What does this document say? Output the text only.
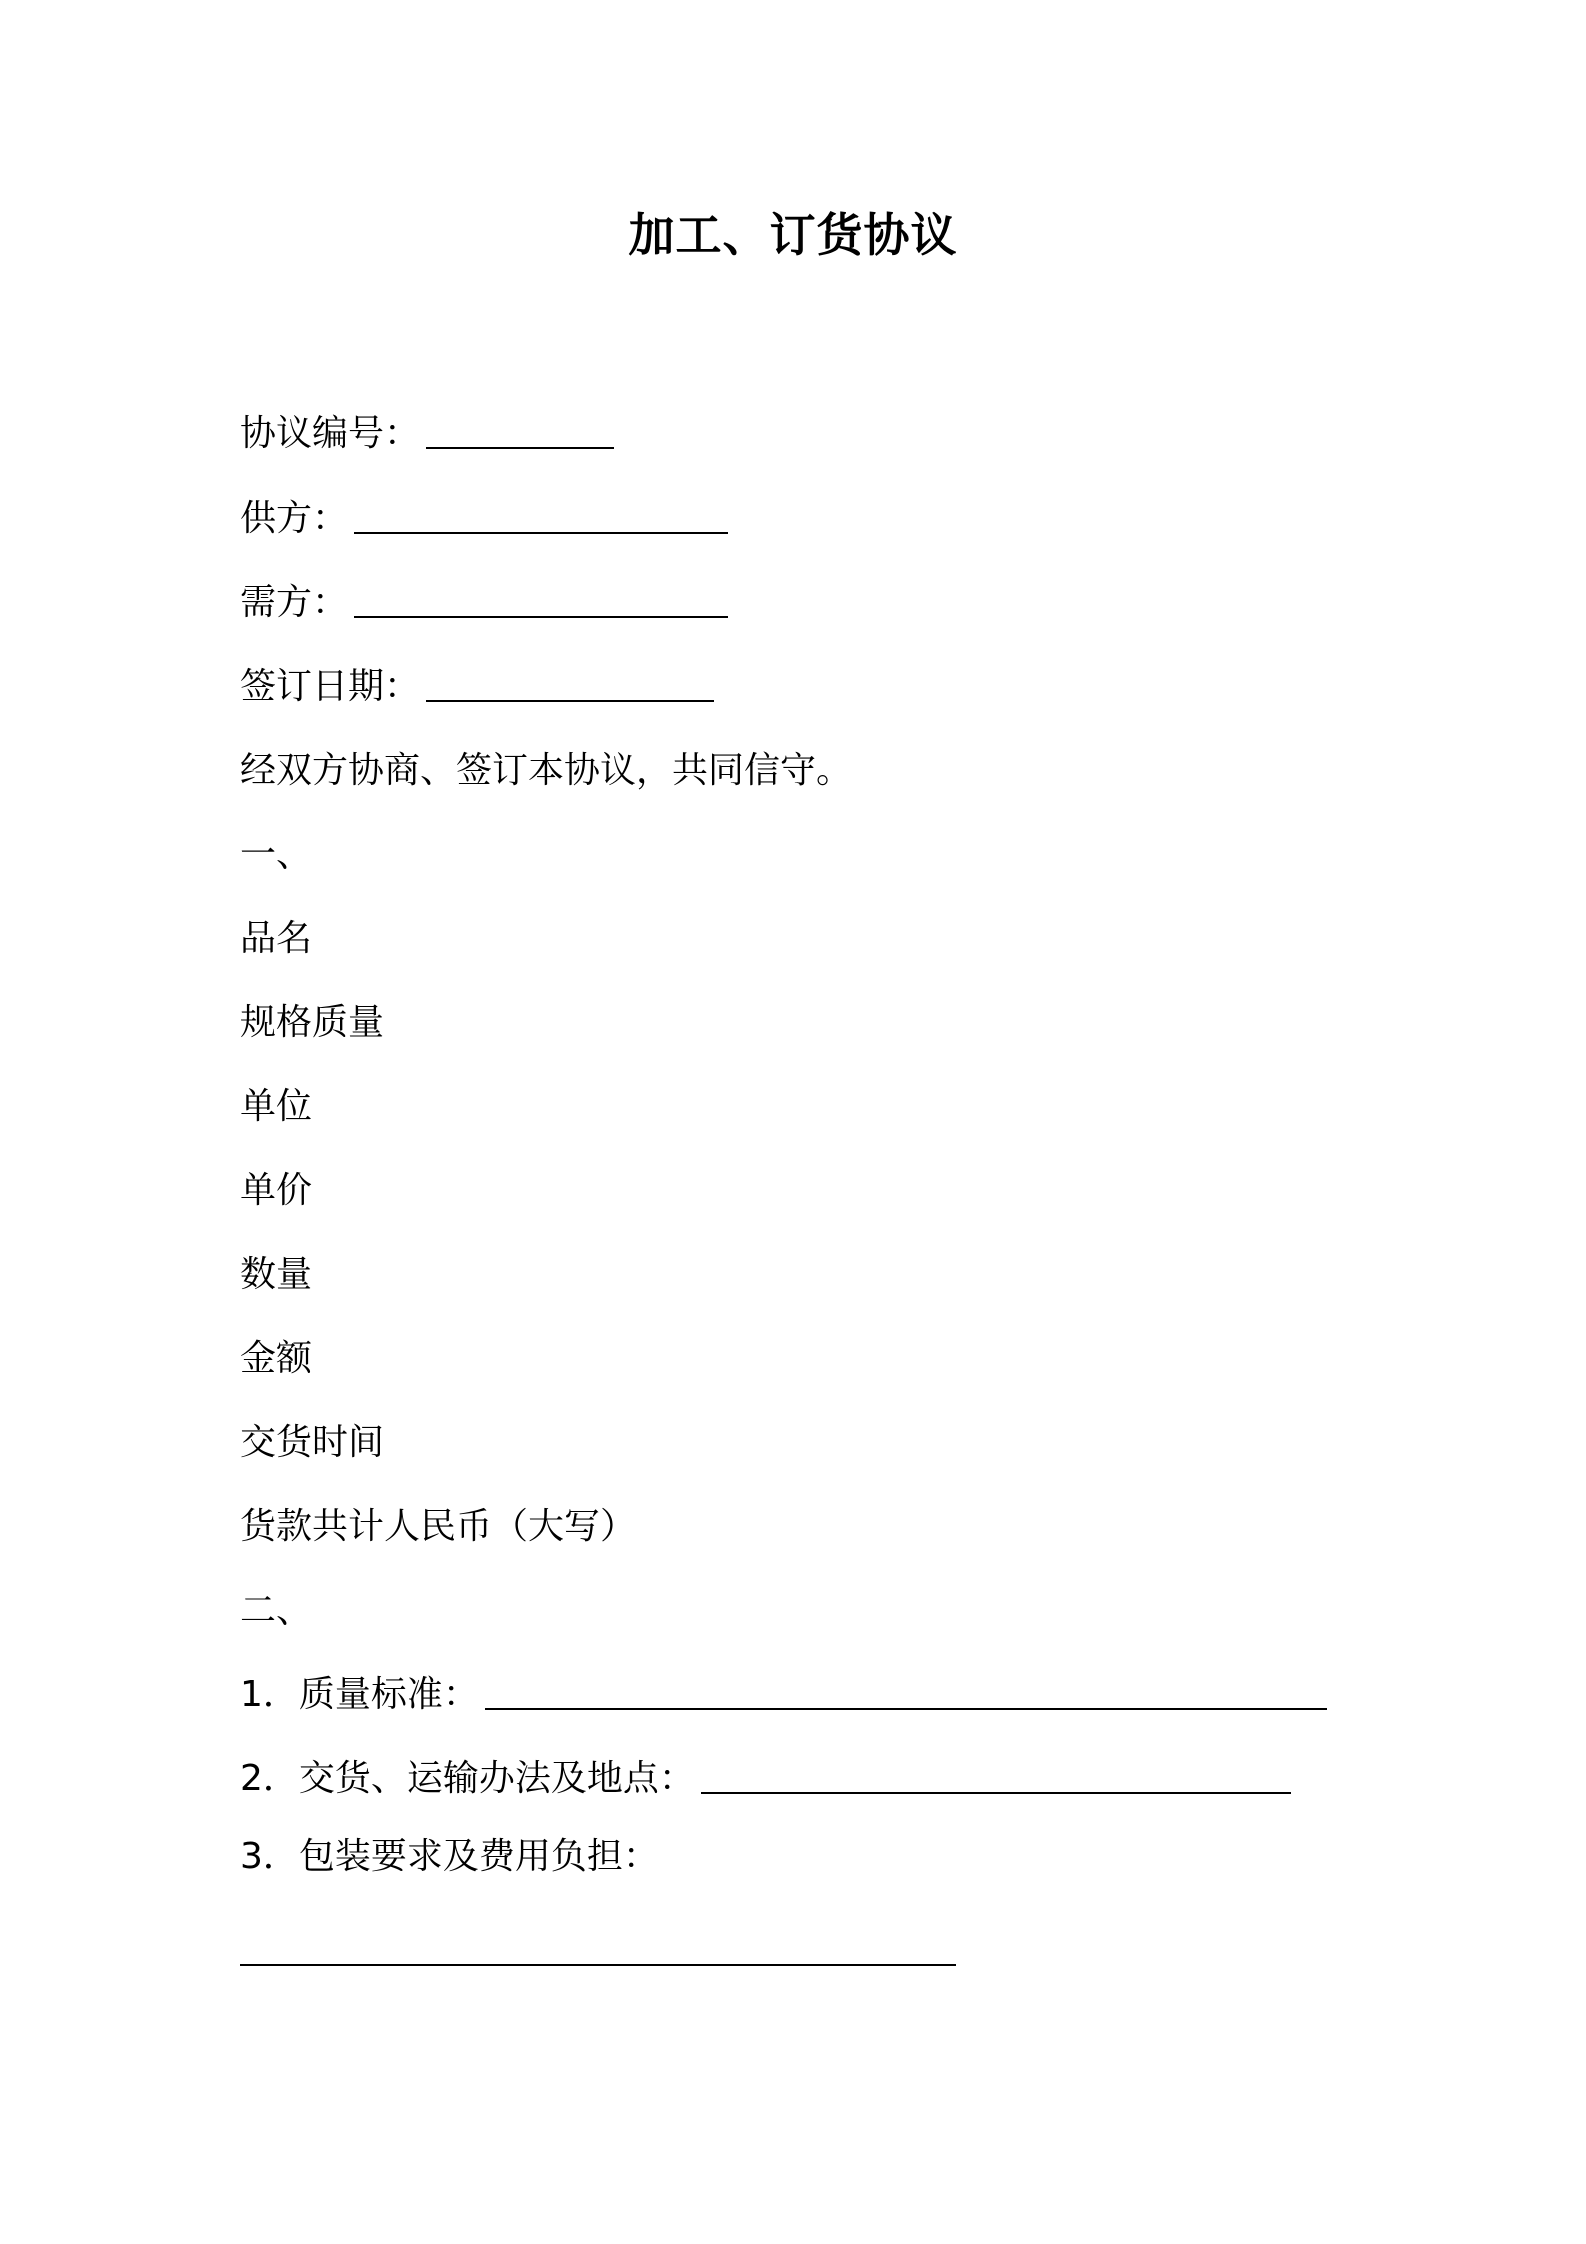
加工、订货协议
协议编号：
供方：
需方：
签订日期：
经双方协商、签订本协议，共同信守。
一、
品名
规格质量
单位
单价
数量
金额
交货时间
货款共计人民币（大写）
二、
1．质量标准：
2．交货、运输办法及地点：
3．包装要求及费用负担：
